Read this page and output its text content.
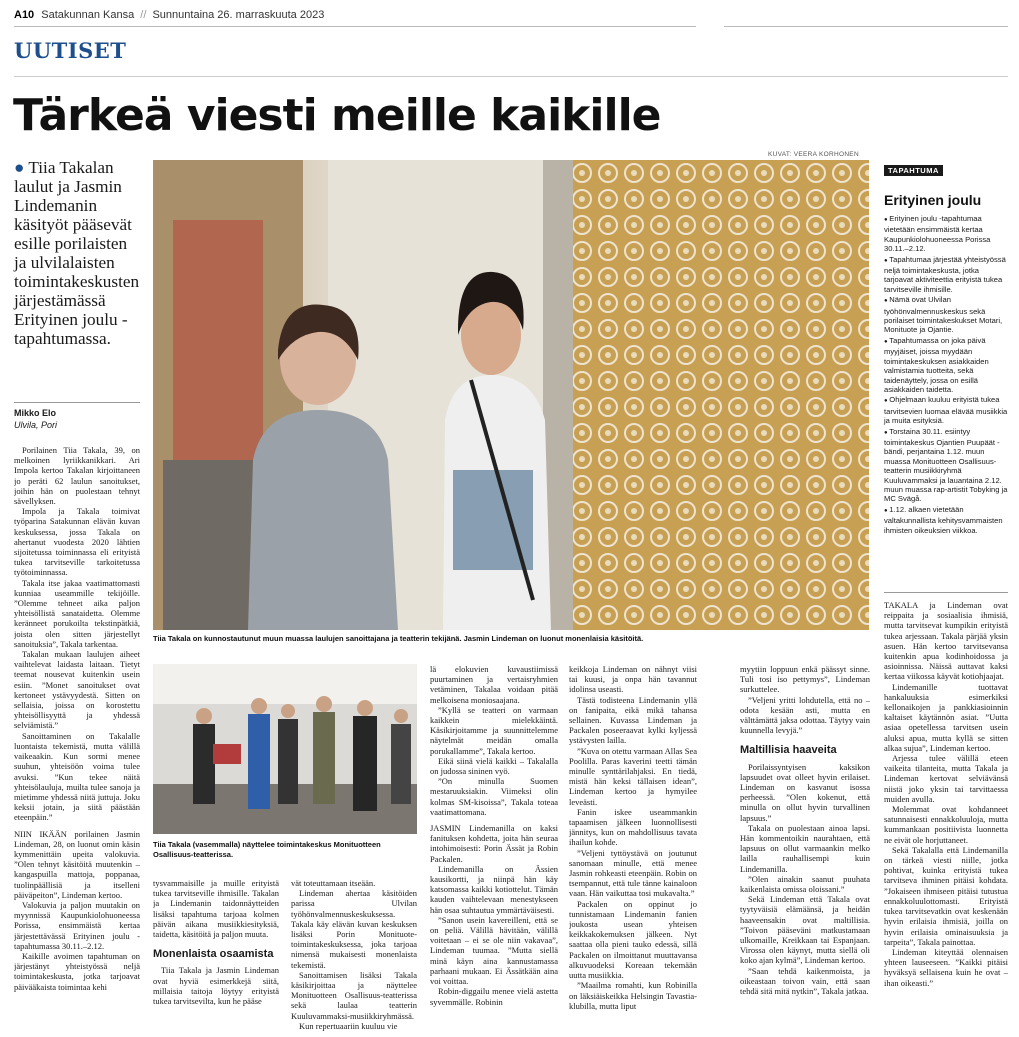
A10 Satakunnan Kansa // Sunnuntaina 26. marraskuuta 2023
UUTISET
Tärkeä viesti meille kaikille
● Tiia Takalan laulut ja Jasmin Lindemanin käsityöt pääsevät esille porilaisten ja ulvilalaisten toimintakeskusten järjestämässä Erityinen joulu -tapahtumassa.
Mikko Elo
Ulvila, Pori
KUVAT: VEERA KORHONEN
Tiia Takala on kunnostautunut muun muassa laulujen sanoittajana ja teatterin tekijänä. Jasmin Lindeman on luonut monenlaisia käsitöitä.
Tiia Takala (vasemmalla) näyttelee toimintakeskus Monituotteen Osallisuus-teatterissa.

Porilainen Tiia Takala, 39, on melkoinen lyriikkanikkari. Ari Impola kertoo Takalan kirjoittaneen jo peräti 62 laulun sanoitukset, joihin hän on puolestaan tehnyt sävellyksen.

Impola ja Takala toimivat työparina Satakunnan elävän kuvan keskuksessa, jossa Takala on ahertanut vuodesta 2020 lähtien sijoitetussa toiminnassa eli erityistä tukea tarvitseville tarkoitetussa työtoiminnassa.

Takala itse jakaa vaatimattomasti kunniaa useammille tekijöille. ”Olemme tehneet aika paljon yhteisöllistä sanataidetta. Olemme keränneet porukoilta tekstinpätkiä, joista olen sitten järjestellyt sanoituksia”, Takala tarkentaa.

Takalan mukaan laulujen aiheet vaihtelevat laidasta laitaan. Tietyt teemat nousevat kuitenkin usein esiin. ”Monet sanoitukset ovat kertoneet ystävyydestä. Sitten on sellaisia, joissa on korostettu yhteisöllisyyttä ja yhdessä selviämistä.”

Sanoittaminen on Takalalle luontaista tekemistä, mutta välillä vaikeaakin. Kun sormi menee suuhun, yhteisöön voima tulee avuksi. ”Kun tekee näitä yhteisölauluja, muilta tulee sanoja ja mietimme yhdessä niitä juttuja. Joku keksii jotain, ja siitä päästään eteenpäin.”

NIIN IKÄÄN porilainen Jasmin Lindeman, 28, on luonut omin käsin kymmenittäin upeita valokuvia. ”Olen tehnyt käsitöitä muutenkin – kangaspuilla mattoja, poppanaa, tuolinpäällisiä ja itselleni päiväpeiton”, Lindeman kertoo.

Valokuvia ja paljon muutakin on myynnissä Kaupunkiolohuoneessa Porissa, ensimmäistä kertaa järjestettävässä Erityinen joulu -tapahtumassa 30.11.–2.12.

Kaikille avoimen tapahtuman on järjestänyt yhteistyössä neljä toimintakeskusta, jotka tarjoavat päivääkaista toimintaa kehi

tysvammaisille ja muille erityistä tukea tarvitseville ihmisille. Takalan ja Lindemanin taidonnäytteiden lisäksi tapahtuma tarjoaa kolmen päivän aikana musiikkiesityksiä, taidetta, käsitöitä ja paljon muuta.

Monenlaista osaamista

Tiia Takala ja Jasmin Lindeman ovat hyviä esimerkkejä siitä, millaisia taitoja löytyy erityistä tukea tarvitsevilta, kun he pääse

vät toteuttamaan itseään.

Lindeman ahertaa käsitöiden parissa Ulvilan työhönvalmennuskeskuksessa. Takala käy elävän kuvan keskuksen lisäksi Porin Monituote-toimintakeskuksessa, joka tarjoaa nimensä mukaisesti monenlaista tekemistä.

Sanoittamisen lisäksi Takala käsikirjoittaa ja näyttelee Monituotteen Osallisuus-teatterissa sekä laulaa teatterin Kuuluvammaksi-musiikkiryhmässä.

Kun repertuaariin kuuluu vie

lä elokuvien kuvaustiimissä puurtaminen ja vertaisryhmien vetäminen, Takalaa voidaan pitää melkoisena moniosaajana.

”Kyllä se teatteri on varmaan kaikkein mielekkäintä. Käsikirjoitamme ja suunnittelemme näytelmät meidän omalla porukallamme”, Takala kertoo.

Eikä siinä vielä kaikki – Takalalla on judossa sininen vyö.

”On minulla Suomen mestaruuksiakin. Viimeksi olin kolmas SM-kisoissa”, Takala toteaa vaatimattomana.

JASMIN Lindemanilla on kaksi fanituksen kohdetta, joita hän seuraa intohimoisesti: Porin Ässät ja Robin Packalen.

Lindemanilla on Ässien kausikortti, ja niinpä hän käy katsomassa kaikki kotiottelut. Tämän kauden vaihtelevaan menestykseen hän osaa suhtautua ymmärtäväisesti.

”Sanon usein kavereilleni, että se on peliä. Välillä hävitään, välillä voitetaan – ei se ole niin vakavaa”, Lindeman tuumaa. ”Mutta siellä minä käyn aina kannustamassa parhaani mukaan. Ei Ässätkään aina voi voittaa.

Robin-diggailu menee vielä astetta syvemmälle. Robinin

keikkoja Lindeman on nähnyt viisi tai kuusi, ja onpa hän tavannut idolinsa useasti.

Tästä todisteena Lindemanin yllä on fanipaita, eikä mikä tahansa sellainen. Kuvassa Lindeman ja Packalen poseeraavat kylki kyljessä ystävysten lailla.

”Kuva on otettu varmaan Allas Sea Poolilla. Paras kaverini teetti tämän minulle synttärilahjaksi. En tiedä, mistä hän keksi tällaisen idean”, Lindeman kertoo ja hymyilee leveästi.

Fanin iskee useammankin tapaamisen jälkeen luonnollisesti jännitys, kun on mahdollisuus tavata ihailun kohde.

”Veljeni tyttöystävä on joutunut sanomaan minulle, että menee Jasmin rohkeasti eteenpäin. Robin on tsempannut, että tule tänne kainaloon vaan. Hän vaikuttaa tosi mukavalta.”

Packalen on oppinut jo tunnistamaan Lindemanin fanien joukosta usean yhteisen keikkakokemuksen jälkeen. Nyt saattaa olla pieni tauko edessä, sillä Packalen on ilmoittanut muuttavansa alkuvuodeksi Koreaan tekemään uutta musiikkia.

”Maailma romahti, kun Robinilla on läksiäiskeikka Helsingin Tavastia-klubilla, mutta liput

myytiin loppuun enkä päässyt sinne. Tuli tosi iso pettymys”, Lindeman surkuttelee.

”Veljeni yritti lohdutella, että no – odota kesään asti, mutta en välttämättä jaksa odottaa. Täytyy vain kuunnella levyjä.”

Maltillisia haaveita

Porilaissyntyisen kaksikon lapsuudet ovat olleet hyvin erilaiset. Lindeman on kasvanut isossa perheessä. ”Olen kokenut, että minulla on ollut hyvin turvallinen lapsuus.”

Takala on puolestaan ainoa lapsi. Hän kommentoikin naurahtaen, että lapsuus on ollut varmaankin melko lailla rauhallisempi kuin Lindemanilla.

”Olen ainakin saanut puuhata kaikenlaista omissa oloissani.”

Sekä Lindeman että Takala ovat tyytyväisiä elämäänsä, ja heidän haaveensakin ovat maltillisia. ”Toivon pääseväni matkustamaan ulkomaille, Kreikkaan tai Espanjaan. Virossa olen käynyt, mutta siellä oli koko ajan kylmä”, Lindeman kertoo.

”Saan tehdä kaikenmoista, ja oikeastaan toivon vain, että saan tehdä sitä mitä nytkin”, Takala jatkaa.

TAPAHTUMA
Erityinen joulu
● Erityinen joulu -tapahtumaa vietetään ensimmäistä kertaa Kaupunkiolohuoneessa Porissa 30.11.–2.12.
● Tapahtumaa järjestää yhteistyössä neljä toimintakeskusta, jotka tarjoavat aktiviteettia erityistä tukea tarvitseville ihmisille.
● Nämä ovat Ulvilan työhönvalmennuskeskus sekä porilaiset toimintakeskukset Motari, Monituote ja Ojantie.
● Tapahtumassa on joka päivä myyjäiset, joissa myydään toimintakeskuksen asiakkaiden valmistamia tuotteita, sekä taidenäyttely, jossa on esillä asiakkaiden taidetta.
● Ohjelmaan kuuluu erityistä tukea tarvitsevien luomaa elävää musiikkia ja muita esityksiä.
● Torstaina 30.11. esiintyy toimintakeskus Ojantien Puupäät -bändi, perjantaina 1.12. muun muassa Monituotteen Osallisuus-teatterin musiikkiryhmä Kuuluvammaksi ja lauantaina 2.12. muun muassa rap-artistit Tobyking ja MC Svägå.
● 1.12. alkaen vietetään valtakunnallista kehitysvammaisten ihmisten oikeuksien viikkoa.

TAKALA ja Lindeman ovat reippaita ja sosiaalisia ihmisiä, mutta tarvitsevat kumpikin erityistä tukea arjessaan. Takala pärjää yksin asuen. Hän kertoo tarvitsevansa kuitenkin apua kodinhoidossa ja asioinnissa. Näissä auttavat kaksi kertaa viikossa käyvät kotiohjaajat.

Lindemanille tuottavat hankaluuksia esimerkiksi kellonaikojen ja pankkiasioinnin kaltaiset käytännön asiat. ”Uutta asiaa opetellessa tarvitsen usein aluksi apua, mutta kyllä se sitten alkaa sujua”, Lindeman kertoo.

Arjessa tulee välillä eteen vaikeita tilanteita, mutta Takala ja Lindeman kertovat selviävänsä niistä joko yksin tai tarvittaessa muiden avulla.

Molemmat ovat kohdanneet satunnaisesti ennakkoluuloja, mutta kummankaan positiivista luonnetta ne eivät ole horjuttaneet.

Sekä Takalalla että Lindemanilla on tärkeä viesti niille, jotka pohtivat, kuinka erityistä tukea tarvitseva ihminen pitäisi kohdata. ”Jokaiseen ihmiseen pitäisi tutustua ennakkoluulottomasti. Erityistä tukea tarvitsevatkin ovat keskenään hyvin erilaisia ihmisiä, joilla on hyvin erilaisia ominaisuuksia ja tarpeita”, Takala painottaa.

Lindeman kiteyttää olennaisen yhteen lauseeseen. ”Kaikki pitäisi hyväksyä sellaisena kuin he ovat – ihan oikeasti.”
